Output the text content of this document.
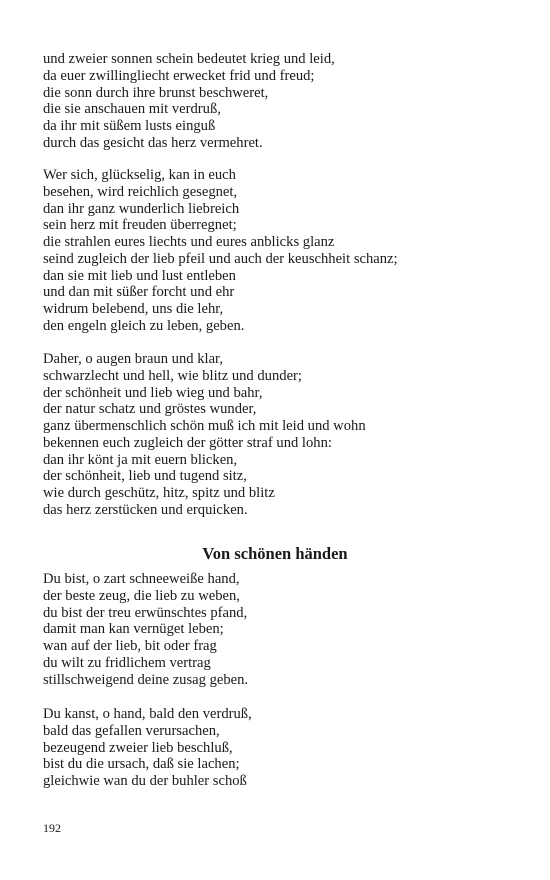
und zweier sonnen schein bedeutet krieg und leid,
da euer zwillingliecht erwecket frid und freud;
die sonn durch ihre brunst beschweret,
die sie anschauen mit verdruß,
da ihr mit süßem lusts einguß
durch das gesicht das herz vermehret.
Wer sich, glückselig, kan in euch
besehen, wird reichlich gesegnet,
dan ihr ganz wunderlich liebreich
sein herz mit freuden überregnet;
die strahlen eures liechts und eures anblicks glanz
seind zugleich der lieb pfeil und auch der keuschheit schanz;
dan sie mit lieb und lust entleben
und dan mit süßer forcht und ehr
widrum belebend, uns die lehr,
den engeln gleich zu leben, geben.
Daher, o augen braun und klar,
schwarzlecht und hell, wie blitz und dunder;
der schönheit und lieb wieg und bahr,
der natur schatz und gröstes wunder,
ganz übermenschlich schön muß ich mit leid und wohn
bekennen euch zugleich der götter straf und lohn:
dan ihr könt ja mit euern blicken,
der schönheit, lieb und tugend sitz,
wie durch geschütz, hitz, spitz und blitz
das herz zerstücken und erquicken.
Von schönen händen
Du bist, o zart schneeweiße hand,
der beste zeug, die lieb zu weben,
du bist der treu erwünschtes pfand,
damit man kan vernüget leben;
wan auf der lieb, bit oder frag
du wilt zu fridlichem vertrag
stillschweigend deine zusag geben.
Du kanst, o hand, bald den verdruß,
bald das gefallen verursachen,
bezeugend zweier lieb beschluß,
bist du die ursach, daß sie lachen;
gleichwie wan du der buhler schoß
192
